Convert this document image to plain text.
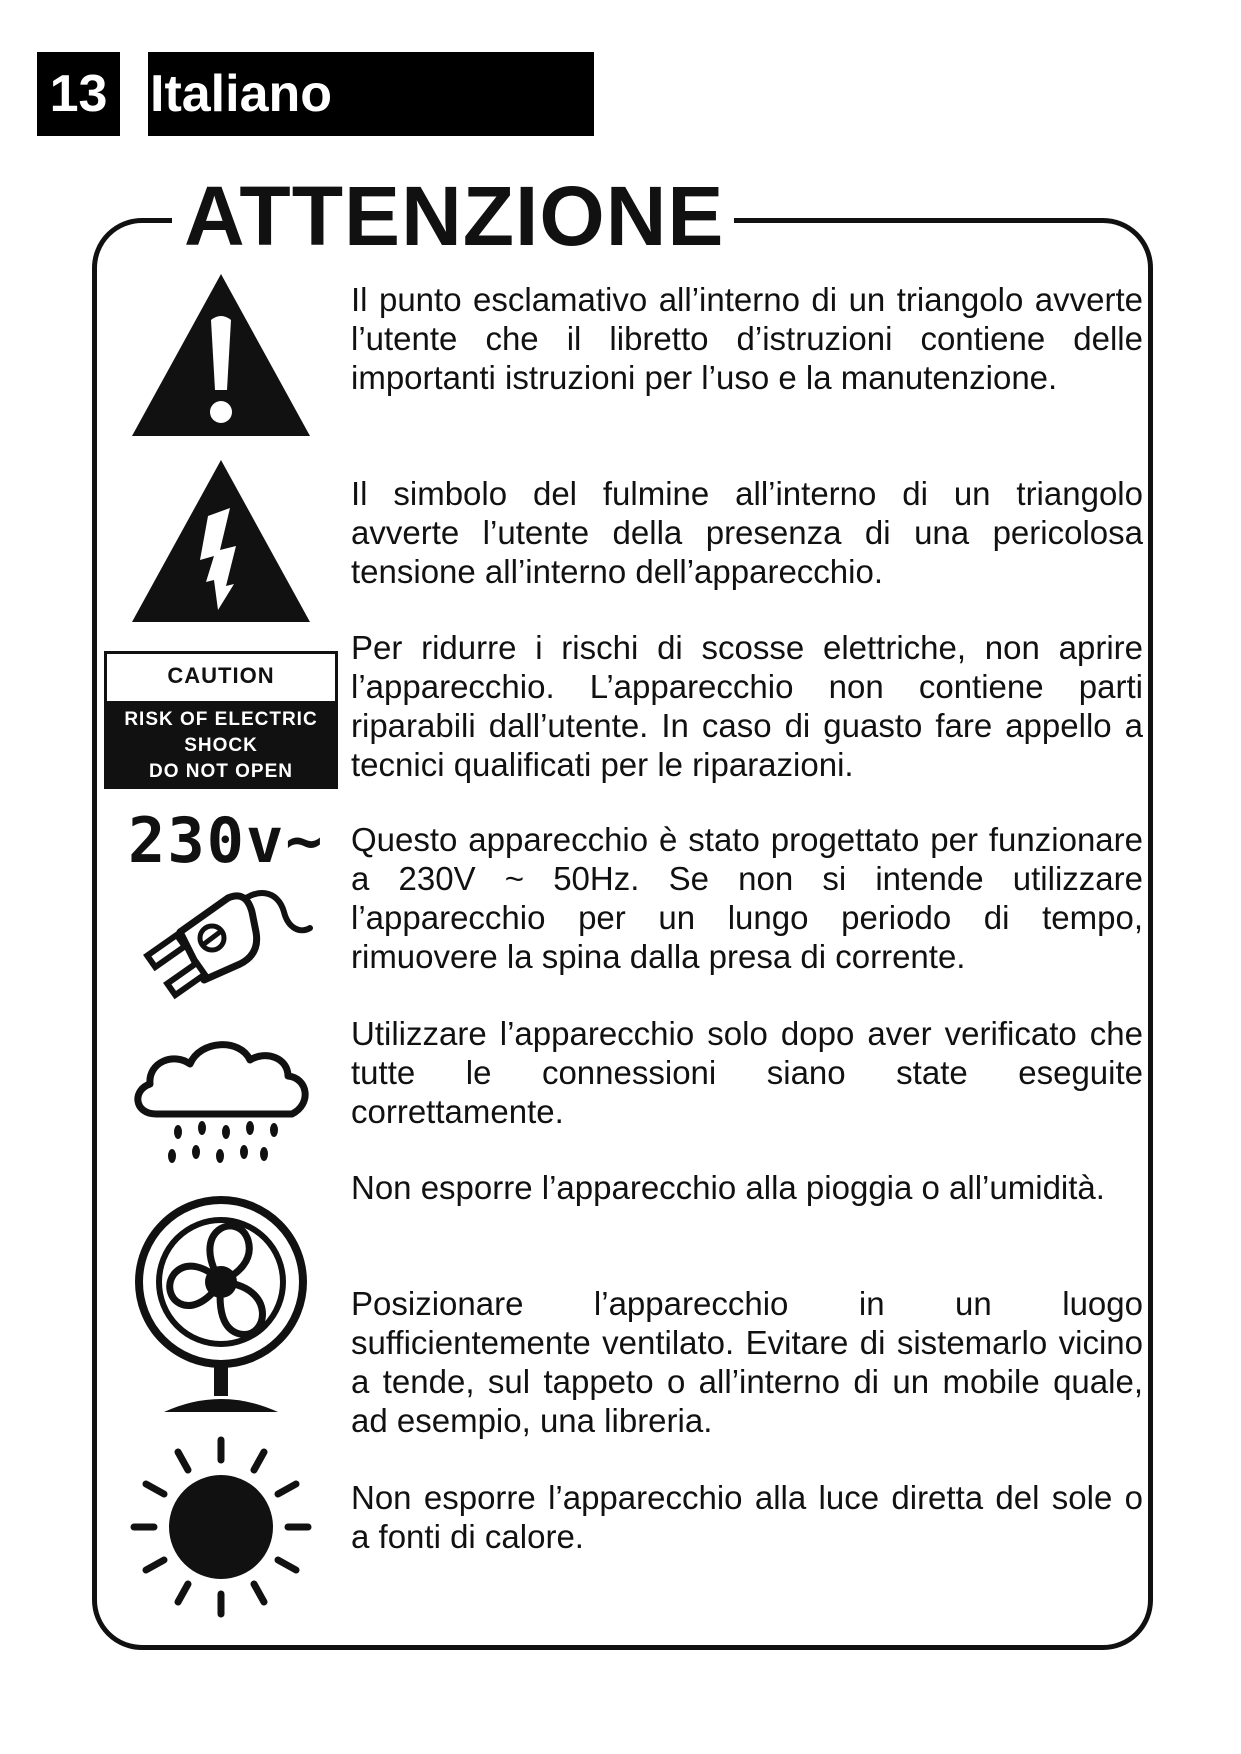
13 Italiano
ATTENZIONE
CAUTION
RISK OF ELECTRIC
SHOCK
DO NOT OPEN
230v~

Il punto esclamativo all’interno di un triangolo avverte l’utente che il libretto d’istruzioni contiene delle importanti istruzioni per l’uso e la manutenzione.

Il simbolo del fulmine all’interno di un triangolo avverte l’utente della presenza di una pericolosa tensione all’interno dell’apparecchio.

Per ridurre i rischi di scosse elettriche, non aprire l’apparecchio. L’apparecchio non contiene parti riparabili dall’utente. In caso di guasto fare appello a tecnici qualificati per le riparazioni.

Questo apparecchio è stato progettato per funzionare a 230V ~ 50Hz. Se non si intende utilizzare l’apparecchio per un lungo periodo di tempo, rimuovere la spina dalla presa di corrente.

Utilizzare l’apparecchio solo dopo aver verificato che tutte le connessioni siano state eseguite correttamente.

Non esporre l’apparecchio alla pioggia o all’umidità.

Posizionare l’apparecchio in un luogo sufficientemente ventilato. Evitare di sistemarlo vicino a tende, sul tappeto o all’interno di un mobile quale, ad esempio, una libreria.

Non esporre l’apparecchio alla luce diretta del sole o a fonti di calore.
